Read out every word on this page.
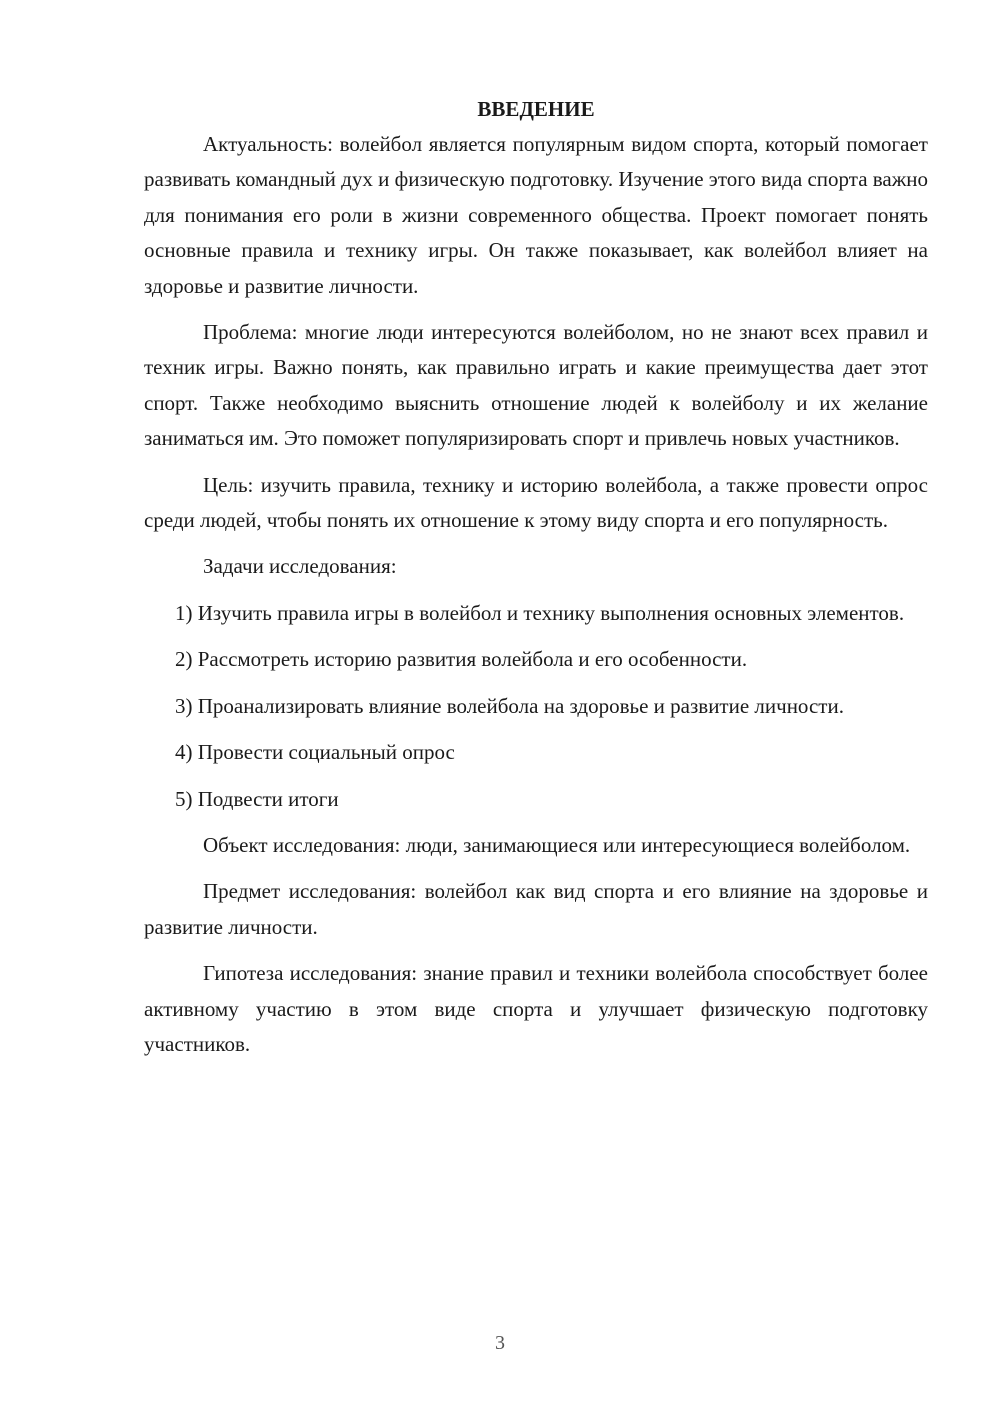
ВВЕДЕНИЕ

Актуальность: волейбол является популярным видом спорта, который помогает развивать командный дух и физическую подготовку. Изучение этого вида спорта важно для понимания его роли в жизни современного общества. Проект помогает понять основные правила и технику игры. Он также показывает, как волейбол влияет на здоровье и развитие личности.

Проблема: многие люди интересуются волейболом, но не знают всех правил и техник игры. Важно понять, как правильно играть и какие преимущества дает этот спорт. Также необходимо выяснить отношение людей к волейболу и их желание заниматься им. Это поможет популяризировать спорт и привлечь новых участников.

Цель: изучить правила, технику и историю волейбола, а также провести опрос среди людей, чтобы понять их отношение к этому виду спорта и его популярность.

Задачи исследования:

1) Изучить правила игры в волейбол и технику выполнения основных элементов.

2) Рассмотреть историю развития волейбола и его особенности.

3) Проанализировать влияние волейбола на здоровье и развитие личности.

4) Провести социальный опрос

5) Подвести итоги

Объект исследования: люди, занимающиеся или интересующиеся волейболом.

Предмет исследования: волейбол как вид спорта и его влияние на здоровье и развитие личности.

Гипотеза исследования: знание правил и техники волейбола способствует более активному участию в этом виде спорта и улучшает физическую подготовку участников.

3
